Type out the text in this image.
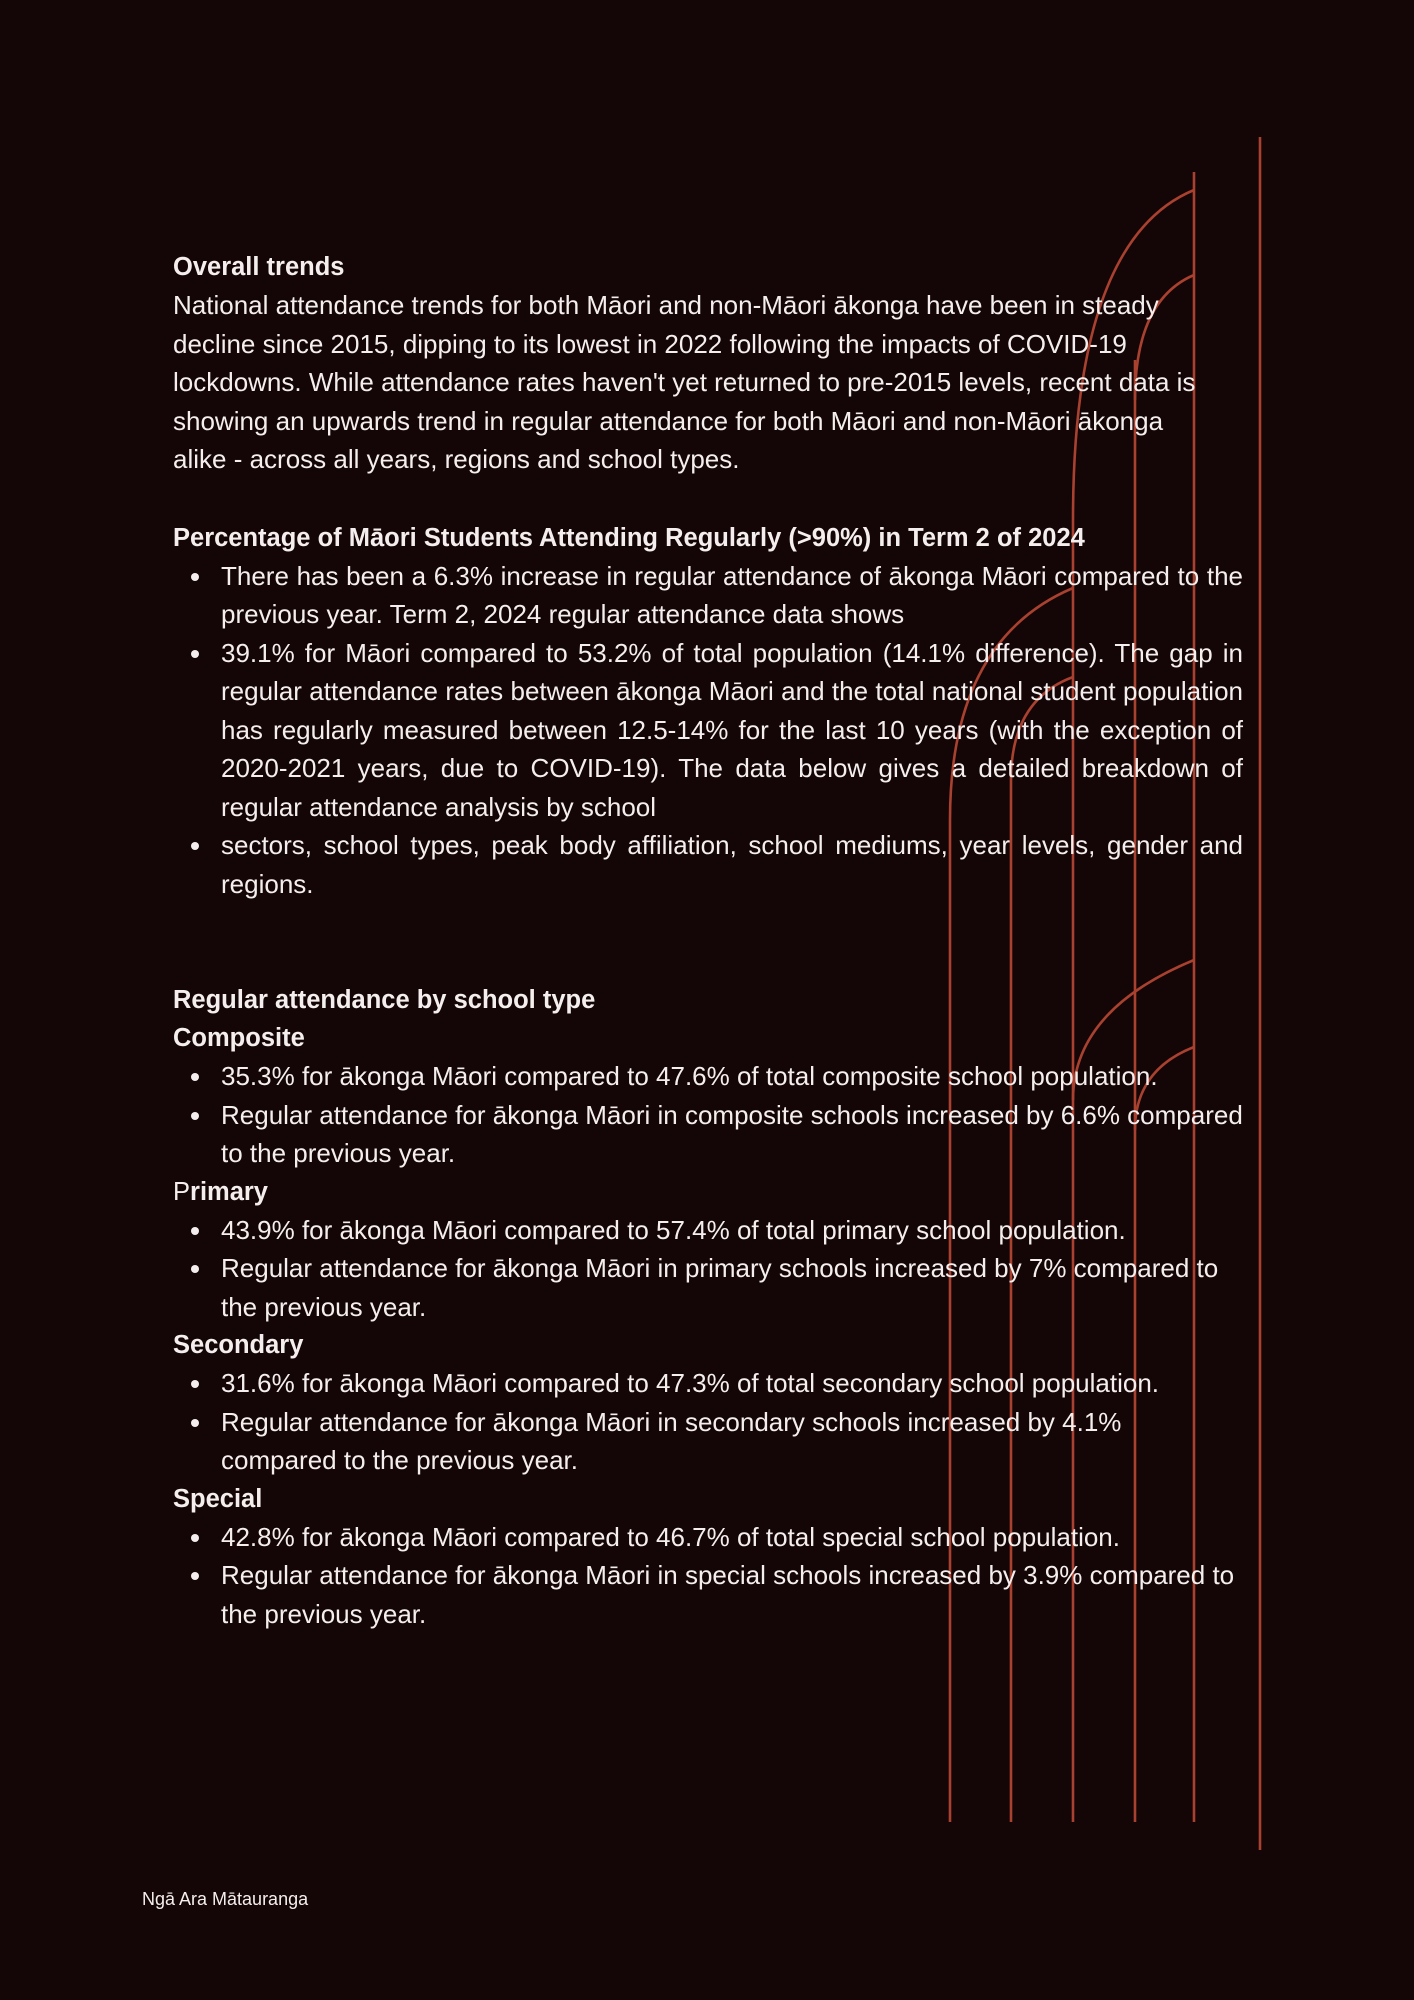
Overall trends

National attendance trends for both Māori and non-Māori ākonga have been in steady decline since 2015, dipping to its lowest in 2022 following the impacts of COVID-19 lockdowns. While attendance rates haven't yet returned to pre-2015 levels, recent data is showing an upwards trend in regular attendance for both Māori and non-Māori ākonga alike - across all years, regions and school types.

Percentage of Māori Students Attending Regularly (>90%) in Term 2 of 2024

There has been a 6.3% increase in regular attendance of ākonga Māori compared to the previous year. Term 2, 2024 regular attendance data shows
39.1% for Māori compared to 53.2% of total population (14.1% difference). The gap in regular attendance rates between ākonga Māori and the total national student population has regularly measured between 12.5-14% for the last 10 years (with the exception of 2020-2021 years, due to COVID-19). The data below gives a detailed breakdown of regular attendance analysis by school
sectors, school types, peak body affiliation, school mediums, year levels, gender and regions.

Regular attendance by school type

Composite

35.3% for ākonga Māori compared to 47.6% of total composite school population.
Regular attendance for ākonga Māori in composite schools increased by 6.6% compared to the previous year.

Primary

43.9% for ākonga Māori compared to 57.4% of total primary school population.
Regular attendance for ākonga Māori in primary schools increased by 7% compared to the previous year.

Secondary

31.6% for ākonga Māori compared to 47.3% of total secondary school population.
Regular attendance for ākonga Māori in secondary schools increased by 4.1% compared to the previous year.

Special

42.8% for ākonga Māori compared to 46.7% of total special school population.
Regular attendance for ākonga Māori in special schools increased by 3.9% compared to the previous year.
Ngā Ara Mātauranga
